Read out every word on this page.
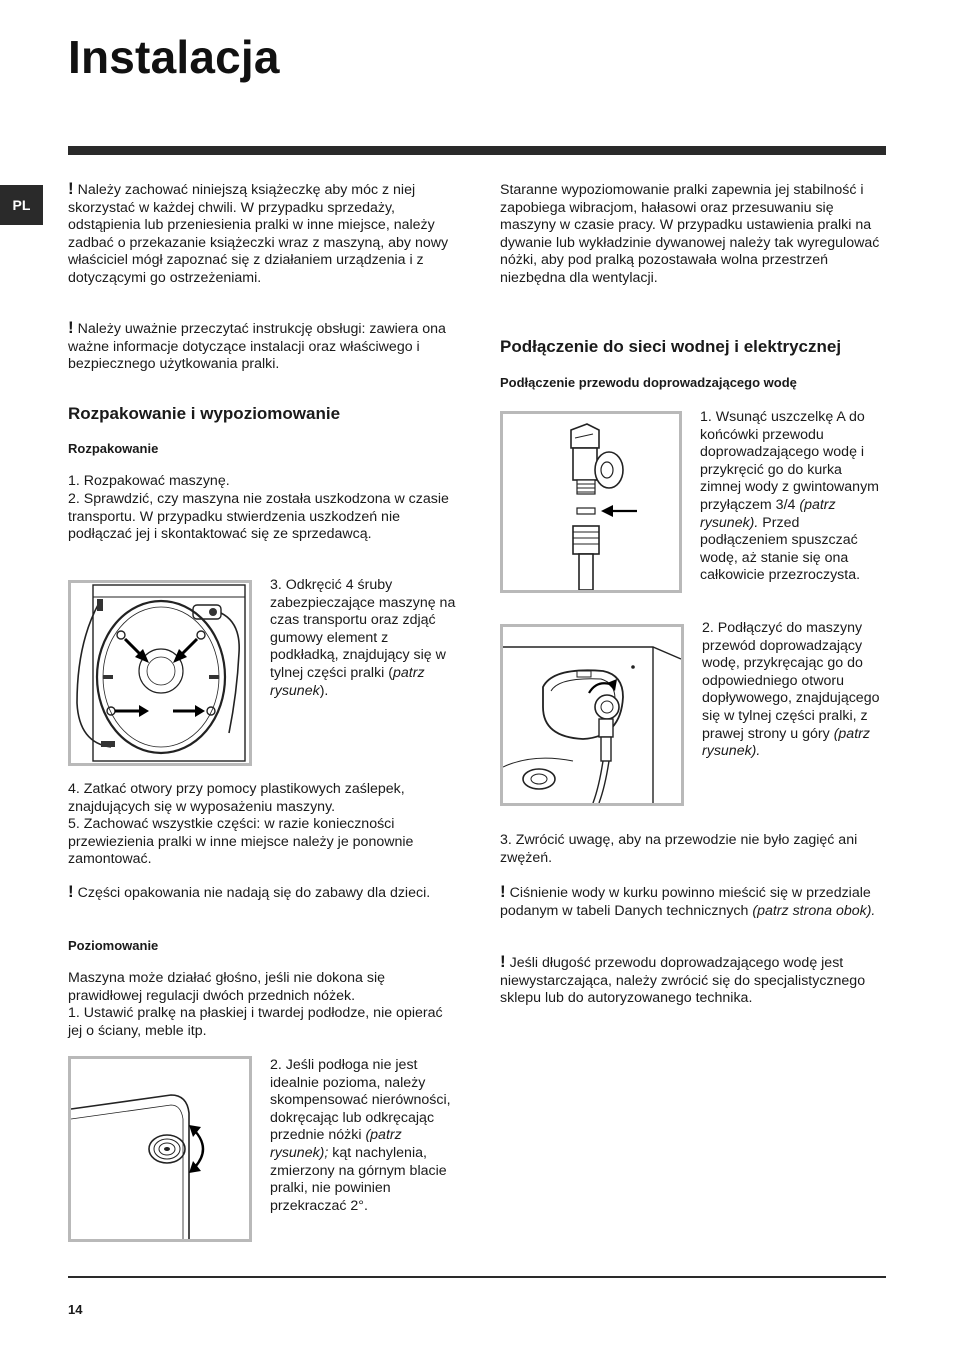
Instalacja
PL

! Należy zachować niniejszą książeczkę aby móc z niej skorzystać w każdej chwili. W przypadku sprzedaży, odstąpienia lub przeniesienia pralki w inne miejsce, należy zadbać o przekazanie książeczki wraz z maszyną, aby nowy właściciel mógł zapoznać się z działaniem urządzenia i z dotyczącymi go ostrzeżeniami.

! Należy uważnie przeczytać instrukcję obsługi: zawiera ona ważne informacje dotyczące instalacji oraz właściwego i bezpiecznego użytkowania pralki.

Rozpakowanie i wypoziomowanie
Rozpakowanie

1. Rozpakować maszynę.

2. Sprawdzić, czy maszyna nie została uszkodzona w czasie transportu. W przypadku stwierdzenia uszkodzeń nie podłączać jej i skontaktować się ze sprzedawcą.

3. Odkręcić 4 śruby zabezpieczające maszynę na czas transportu oraz zdjąć gumowy element z podkładką, znajdujący się w tylnej części pralki (patrz rysunek).

4. Zatkać otwory przy pomocy plastikowych zaślepek, znajdujących się w wyposażeniu maszyny.

5. Zachować wszystkie części: w razie konieczności przewiezienia pralki w inne miejsce należy je ponownie zamontować.

! Części opakowania nie nadają się do zabawy dla dzieci.

Poziomowanie

Maszyna może działać głośno, jeśli nie dokona się prawidłowej regulacji dwóch przednich nóżek.

1. Ustawić pralkę na płaskiej i twardej podłodze, nie opierać jej o ściany, meble itp.

2. Jeśli podłoga nie jest idealnie pozioma, należy skompensować nierówności, dokręcając lub odkręcając przednie nóżki (patrz rysunek); kąt nachylenia, zmierzony na górnym blacie pralki, nie powinien przekraczać 2°.

Staranne wypoziomowanie pralki zapewnia jej stabilność i zapobiega wibracjom, hałasowi oraz przesuwaniu się maszyny w czasie pracy. W przypadku ustawienia pralki na dywanie lub wykładzinie dywanowej należy tak wyregulować nóżki, aby pod pralką pozostawała wolna przestrzeń niezbędna dla wentylacji.

Podłączenie do sieci wodnej i elektrycznej
Podłączenie przewodu doprowadzającego wodę

1. Wsunąć uszczelkę A do końcówki przewodu doprowadzającego wodę i przykręcić go do kurka zimnej wody z gwintowanym przyłączem 3/4 (patrz rysunek). Przed podłączeniem spuszczać wodę, aż stanie się ona całkowicie przezroczysta.

2. Podłączyć do maszyny przewód doprowadzający wodę, przykręcając go do odpowiedniego otworu dopływowego, znajdującego się w tylnej części pralki, z prawej strony u góry (patrz rysunek).

3. Zwrócić uwagę, aby na przewodzie nie było zagięć ani zwężeń.

! Ciśnienie wody w kurku powinno mieścić się w przedziale podanym w tabeli Danych technicznych (patrz strona obok).

! Jeśli długość przewodu doprowadzającego wodę jest niewystarczająca, należy zwrócić się do specjalistycznego sklepu lub do autoryzowanego technika.

14
